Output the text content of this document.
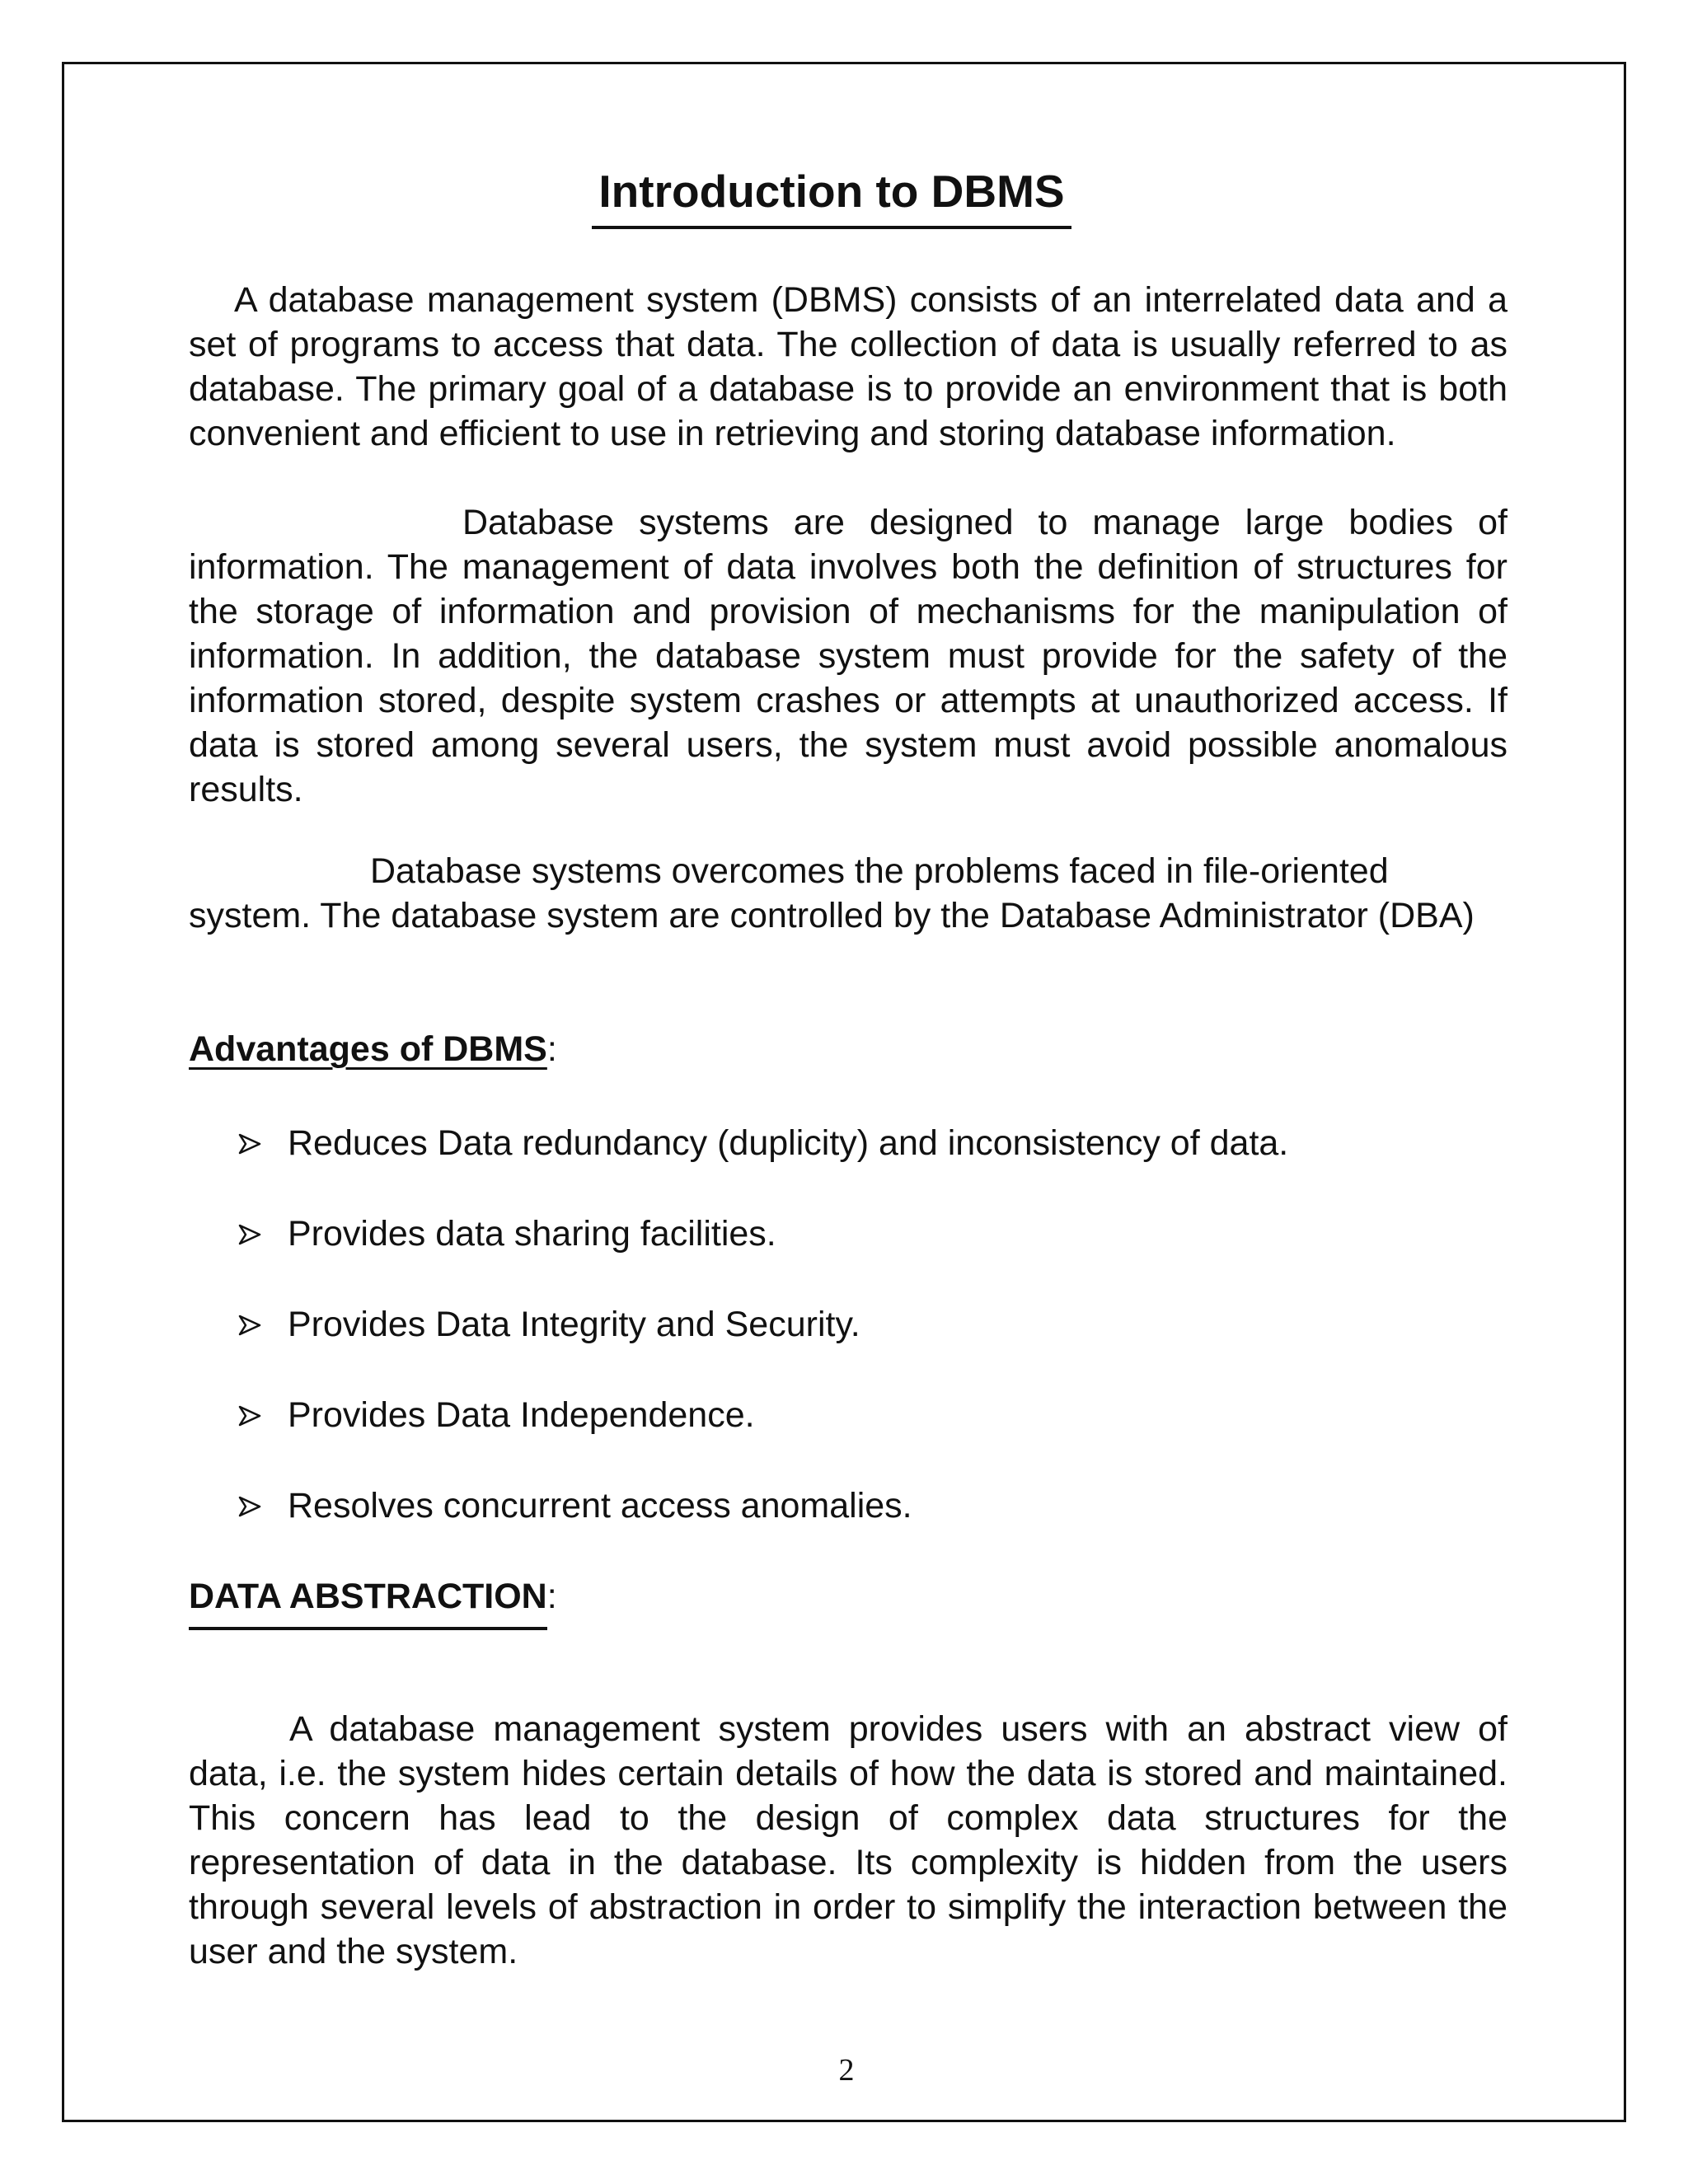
Introduction to DBMS

A database management system (DBMS) consists of an interrelated data and a set of programs to access that data. The collection of data is usually referred to as database. The primary goal of a database is to provide an environment that is both convenient and efficient to use in retrieving and storing database information.

Database systems are designed to manage large bodies of information. The management of data involves both the definition of structures for the storage of information and provision of mechanisms for the manipulation of information. In addition, the database system must provide for the safety of the information stored, despite system crashes or attempts at unauthorized access. If data is stored among several users, the system must avoid possible anomalous results.

Database systems overcomes the problems faced in file-oriented system. The database system are controlled by the Database Administrator (DBA)

Advantages of DBMS:
Reduces Data redundancy (duplicity) and inconsistency of data.
Provides data sharing facilities.
Provides Data Integrity and Security.
Provides Data Independence.
Resolves concurrent access anomalies.
DATA ABSTRACTION:

A database management system provides users with an abstract view of data, i.e. the system hides certain details of how the data is stored and maintained. This concern has lead to the design of complex data structures for the representation of data in the database. Its complexity is hidden from the users through several levels of abstraction in order to simplify the interaction between the user and the system.

2
